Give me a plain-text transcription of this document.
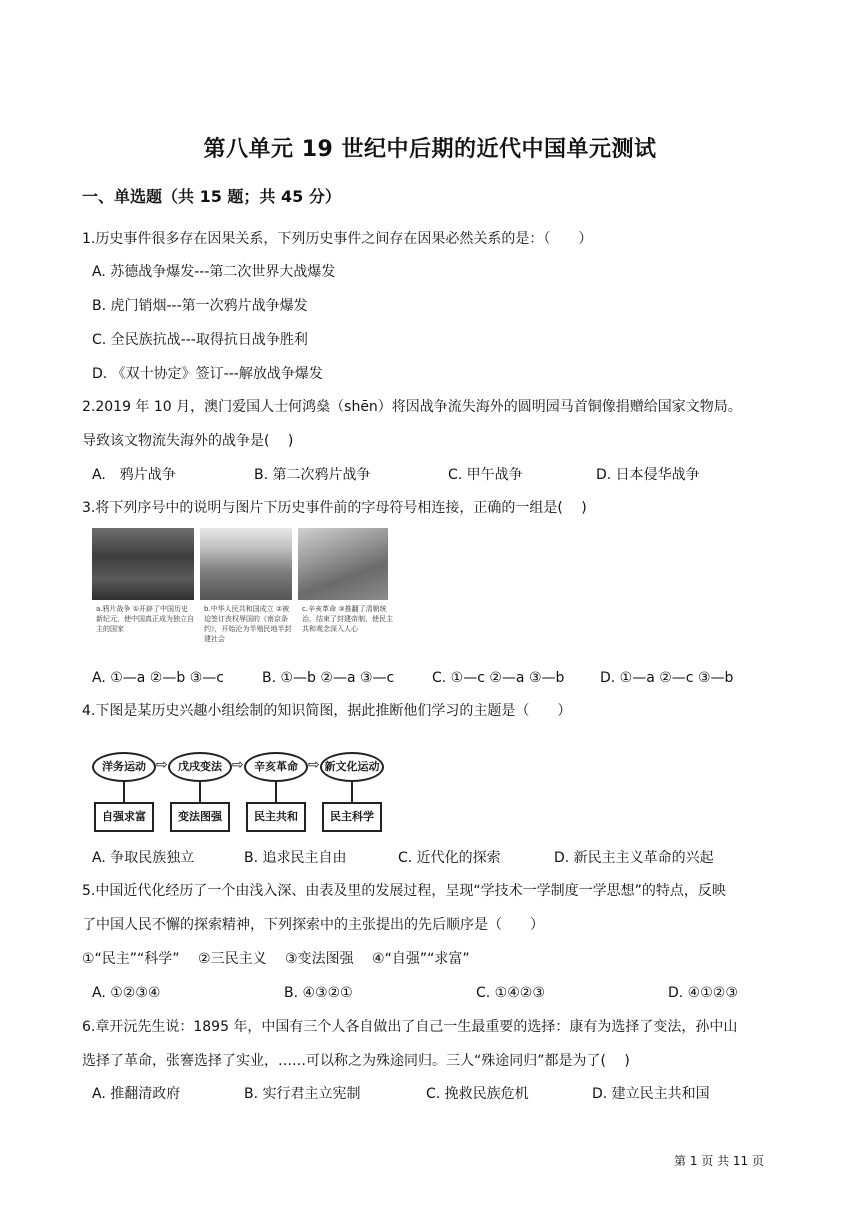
第八单元 19 世纪中后期的近代中国单元测试
一、单选题（共 15 题；共 45 分）
1.历史事件很多存在因果关系，下列历史事件之间存在因果必然关系的是：（　　）
A. 苏德战争爆发---第二次世界大战爆发
B. 虎门销烟---第一次鸦片战争爆发
C. 全民族抗战---取得抗日战争胜利
D. 《双十协定》签订---解放战争爆发
2.2019 年 10 月，澳门爱国人士何鸿燊（shēn）将因战争流失海外的圆明园马首铜像捐赠给国家文物局。
导致该文物流失海外的战争是(　 )
A.　鸦片战争	B. 第二次鸦片战争	C. 甲午战争	D. 日本侵华战争
3.将下列序号中的说明与图片下历史事件前的字母符号相连接，正确的一组是(　 )
a.鸦片战争 ①开辟了中国历史新纪元，使中国真正成为独立自主的国家
b.中华人民共和国成立 ②被迫签订丧权辱国的《南京条约》，开始沦为半殖民地半封建社会
c.辛亥革命 ③推翻了清朝统治，结束了封建帝制，使民主共和观念深入人心
A. ①—a ②—b ③—c	B. ①—b ②—a ③—c	C. ①—c ②—a ③—b	D. ①—a ②—c ③—b
4.下图是某历史兴趣小组绘制的知识简图，据此推断他们学习的主题是（　　）
洋务运动 ⇨ 戊戌变法 ⇨ 辛亥革命 ⇨ 新文化运动
自强求富	变法图强	民主共和	民主科学
A. 争取民族独立	B. 追求民主自由	C. 近代化的探索	D. 新民主主义革命的兴起
5.中国近代化经历了一个由浅入深、由表及里的发展过程，呈现“学技术一学制度一学思想”的特点，反映
了中国人民不懈的探索精神，下列探索中的主张提出的先后顺序是（　　）
①“民主”“科学”　 ②三民主义　 ③变法图强　 ④“自强”“求富”
A. ①②③④	B. ④③②①	C. ①④②③	D. ④①②③
6.章开沅先生说：1895 年，中国有三个人各自做出了自己一生最重要的选择：康有为选择了变法，孙中山
选择了革命，张謇选择了实业，……可以称之为殊途同归。三人“殊途同归”都是为了(　 )
A. 推翻清政府	B. 实行君主立宪制	C. 挽救民族危机	D. 建立民主共和国
第 1 页 共 11 页
